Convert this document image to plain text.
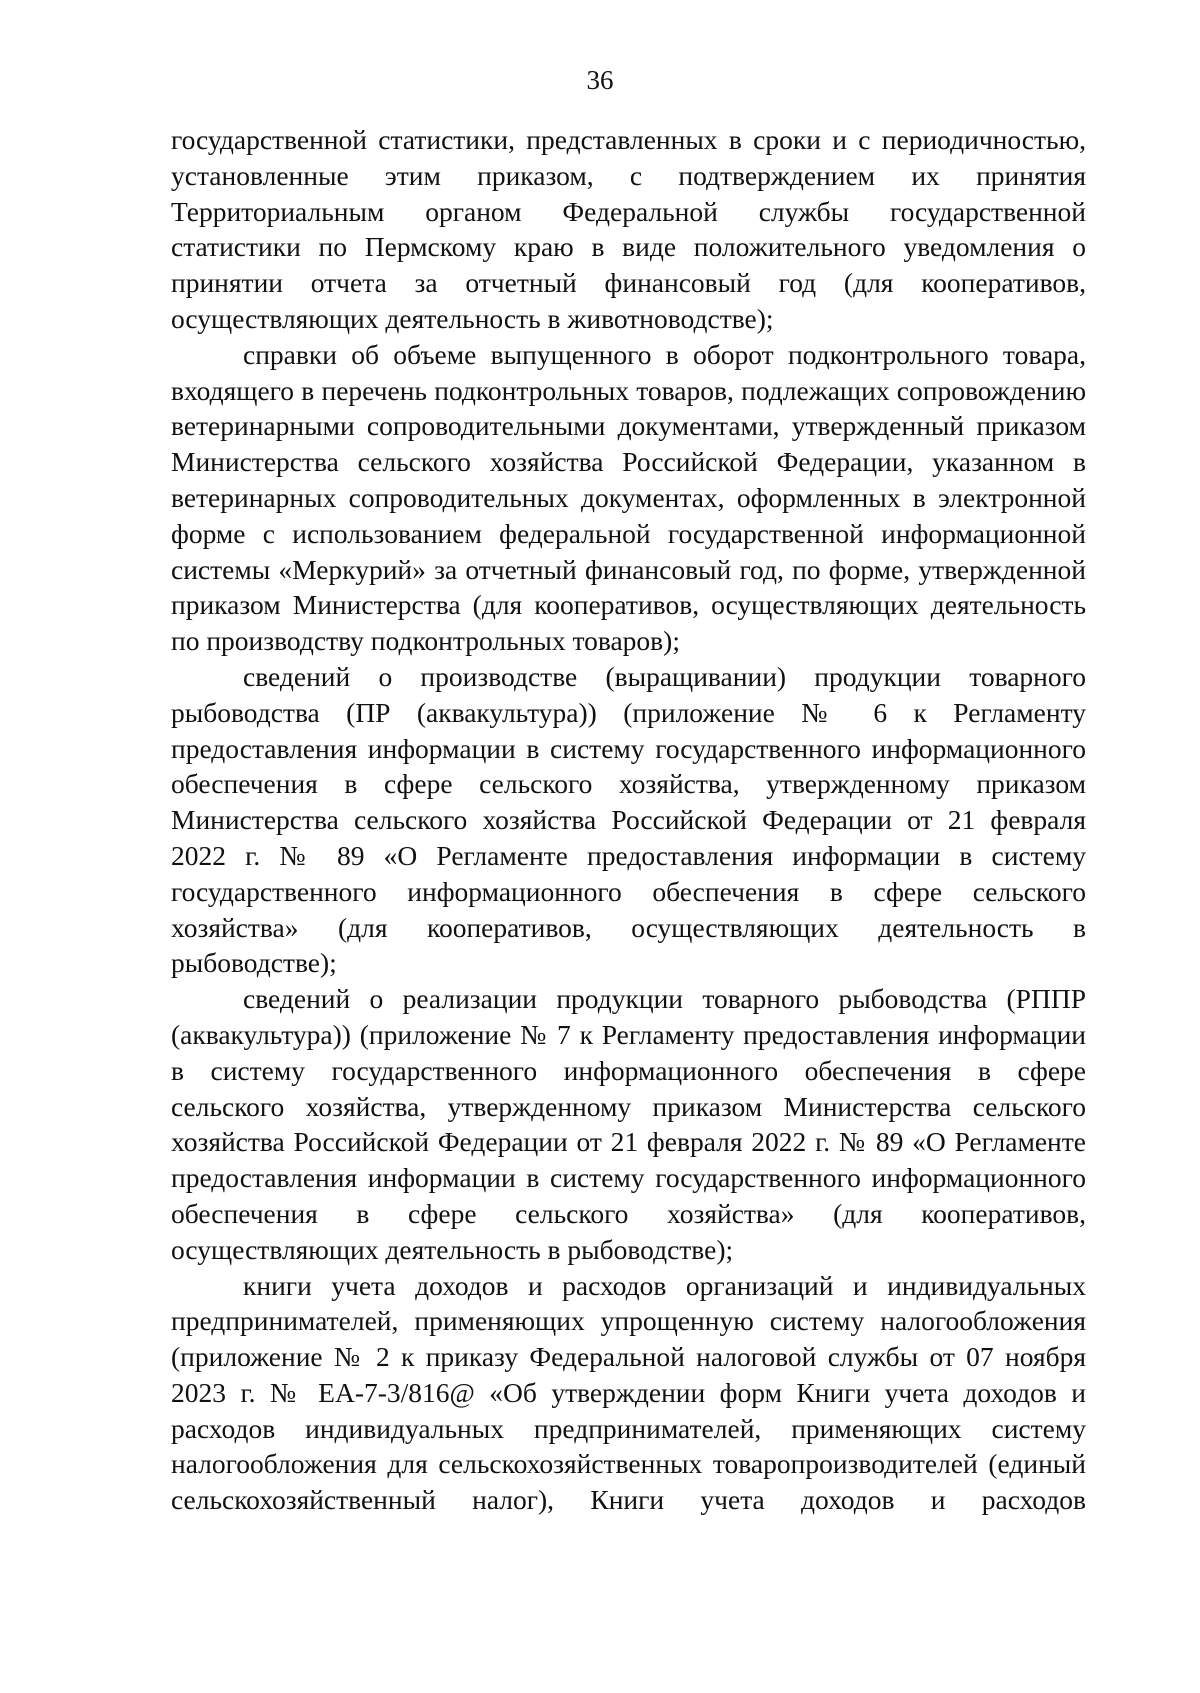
36

государственной статистики, представленных в сроки и с периодичностью, установленные этим приказом, с подтверждением их принятия Территориальным органом Федеральной службы государственной статистики по Пермскому краю в виде положительного уведомления о принятии отчета за отчетный финансовый год (для кооперативов, осуществляющих деятельность в животноводстве);

справки об объеме выпущенного в оборот подконтрольного товара, входящего в перечень подконтрольных товаров, подлежащих сопровождению ветеринарными сопроводительными документами, утвержденный приказом Министерства сельского хозяйства Российской Федерации, указанном в ветеринарных сопроводительных документах, оформленных в электронной форме с использованием федеральной государственной информационной системы «Меркурий» за отчетный финансовый год, по форме, утвержденной приказом Министерства (для кооперативов, осуществляющих деятельность по производству подконтрольных товаров);

сведений о производстве (выращивании) продукции товарного рыбоводства (ПР (аквакультура)) (приложение № 6 к Регламенту предоставления информации в систему государственного информационного обеспечения в сфере сельского хозяйства, утвержденному приказом Министерства сельского хозяйства Российской Федерации от 21 февраля 2022 г. № 89 «О Регламенте предоставления информации в систему государственного информационного обеспечения в сфере сельского хозяйства» (для кооперативов, осуществляющих деятельность в рыбоводстве);

сведений о реализации продукции товарного рыбоводства (РППР (аквакультура)) (приложение № 7 к Регламенту предоставления информации в систему государственного информационного обеспечения в сфере сельского хозяйства, утвержденному приказом Министерства сельского хозяйства Российской Федерации от 21 февраля 2022 г. № 89 «О Регламенте предоставления информации в систему государственного информационного обеспечения в сфере сельского хозяйства» (для кооперативов, осуществляющих деятельность в рыбоводстве);

книги учета доходов и расходов организаций и индивидуальных предпринимателей, применяющих упрощенную систему налогообложения (приложение № 2 к приказу Федеральной налоговой службы от 07 ноября 2023 г. № ЕА-7-3/816@ «Об утверждении форм Книги учета доходов и расходов индивидуальных предпринимателей, применяющих систему налогообложения для сельскохозяйственных товаропроизводителей (единый сельскохозяйственный налог), Книги учета доходов и расходов
